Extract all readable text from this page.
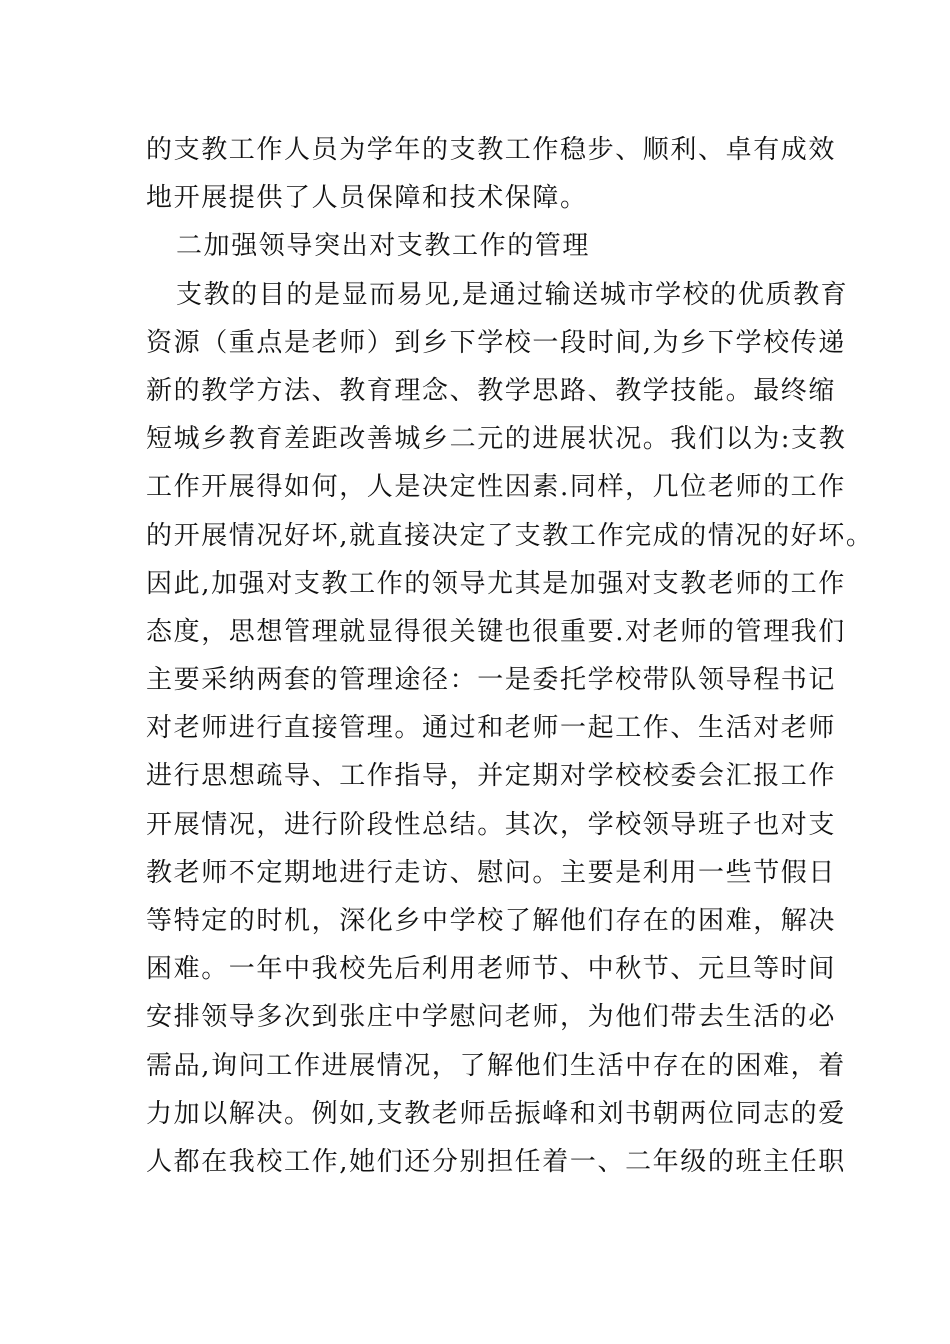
的支教工作人员为学年的支教工作稳步、顺利、卓有成效
地开展提供了人员保障和技术保障。
二加强领导突出对支教工作的管理
支教的目的是显而易见,是通过输送城市学校的优质教育
资源（重点是老师）到乡下学校一段时间,为乡下学校传递
新的教学方法、教育理念、教学思路、教学技能。最终缩
短城乡教育差距改善城乡二元的进展状况。我们以为:支教
工作开展得如何，人是决定性因素.同样，几位老师的工作
的开展情况好坏,就直接决定了支教工作完成的情况的好坏。
因此,加强对支教工作的领导尤其是加强对支教老师的工作
态度，思想管理就显得很关键也很重要.对老师的管理我们
主要采纳两套的管理途径：一是委托学校带队领导程书记
对老师进行直接管理。通过和老师一起工作、生活对老师
进行思想疏导、工作指导，并定期对学校校委会汇报工作
开展情况，进行阶段性总结。其次，学校领导班子也对支
教老师不定期地进行走访、慰问。主要是利用一些节假日
等特定的时机，深化乡中学校了解他们存在的困难，解决
困难。一年中我校先后利用老师节、中秋节、元旦等时间
安排领导多次到张庄中学慰问老师，为他们带去生活的必
需品,询问工作进展情况，了解他们生活中存在的困难，着
力加以解决。例如,支教老师岳振峰和刘书朝两位同志的爱
人都在我校工作,她们还分别担任着一、二年级的班主任职
